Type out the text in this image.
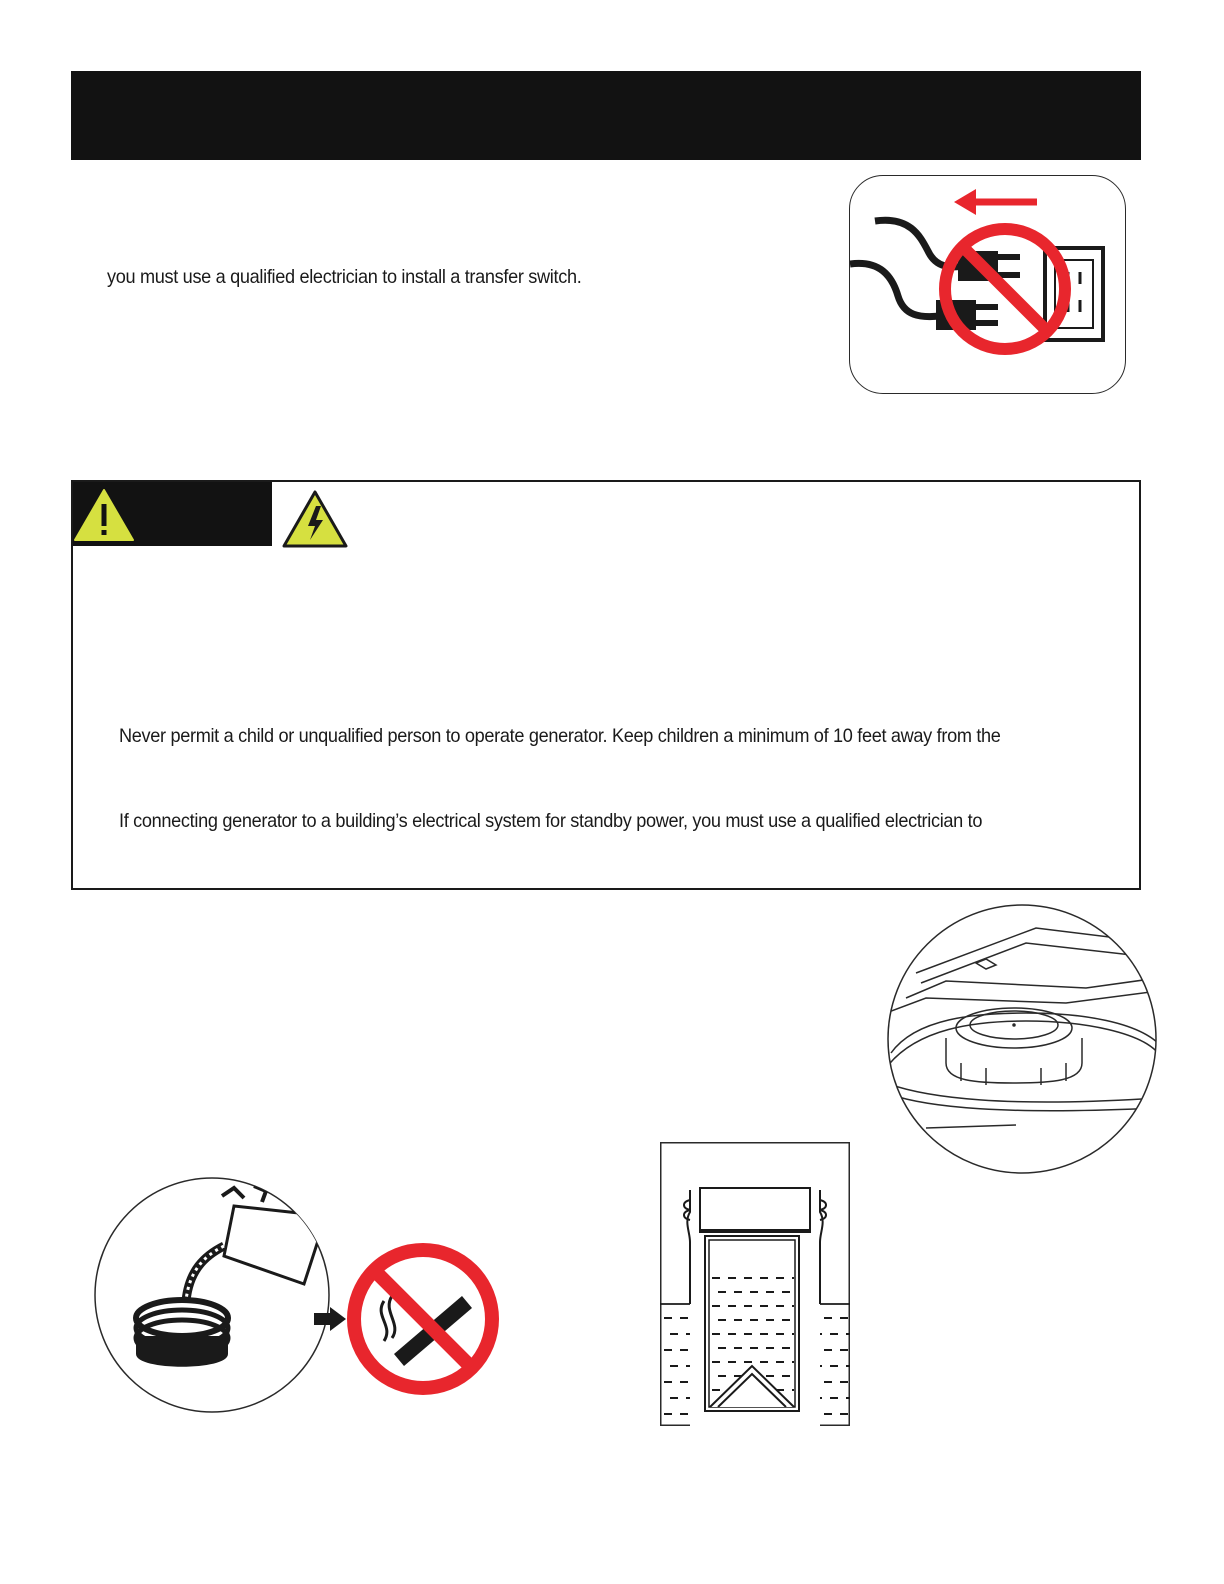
you must use a qualified electrician to install a transfer switch.
Never permit a child or unqualified person to operate generator. Keep children a minimum of 10 feet away from the
If connecting generator to a building’s electrical system for standby power, you must use a qualified electrician to
